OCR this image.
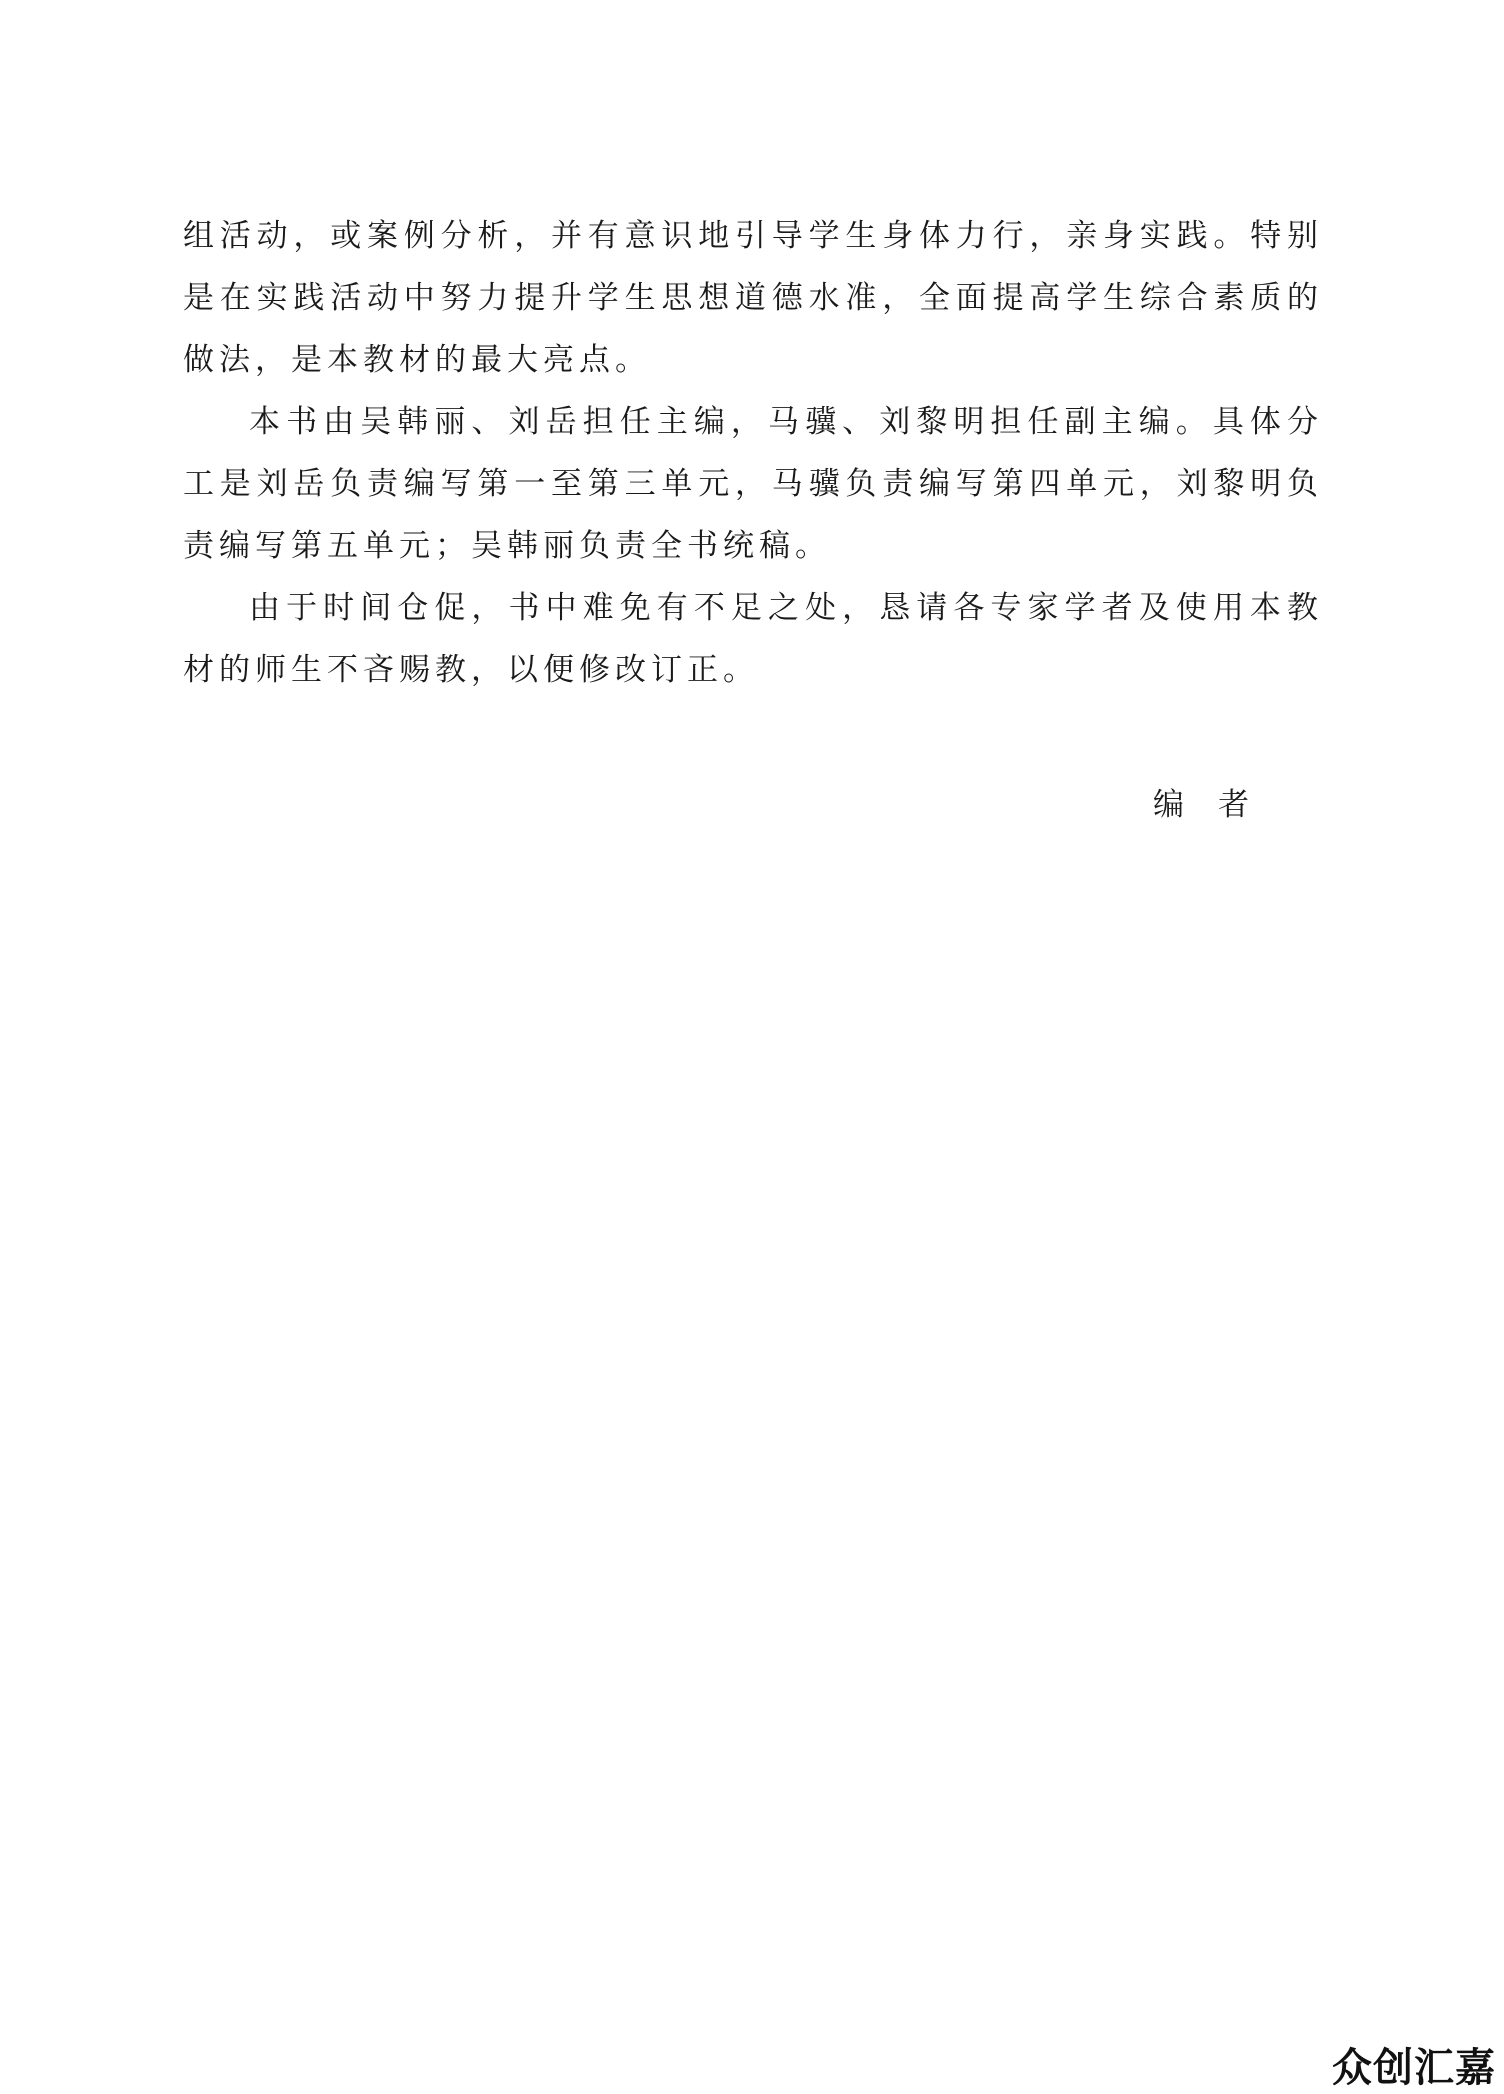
组活动，或案例分析，并有意识地引导学生身体力行，亲身实践。特别是在实践活动中努力提升学生思想道德水准，全面提高学生综合素质的做法，是本教材的最大亮点。

本书由吴韩丽、刘岳担任主编，马骥、刘黎明担任副主编。具体分工是刘岳负责编写第一至第三单元，马骥负责编写第四单元，刘黎明负责编写第五单元；吴韩丽负责全书统稿。

由于时间仓促，书中难免有不足之处，恳请各专家学者及使用本教材的师生不吝赐教，以便修改订正。

编 者
众创汇嘉
